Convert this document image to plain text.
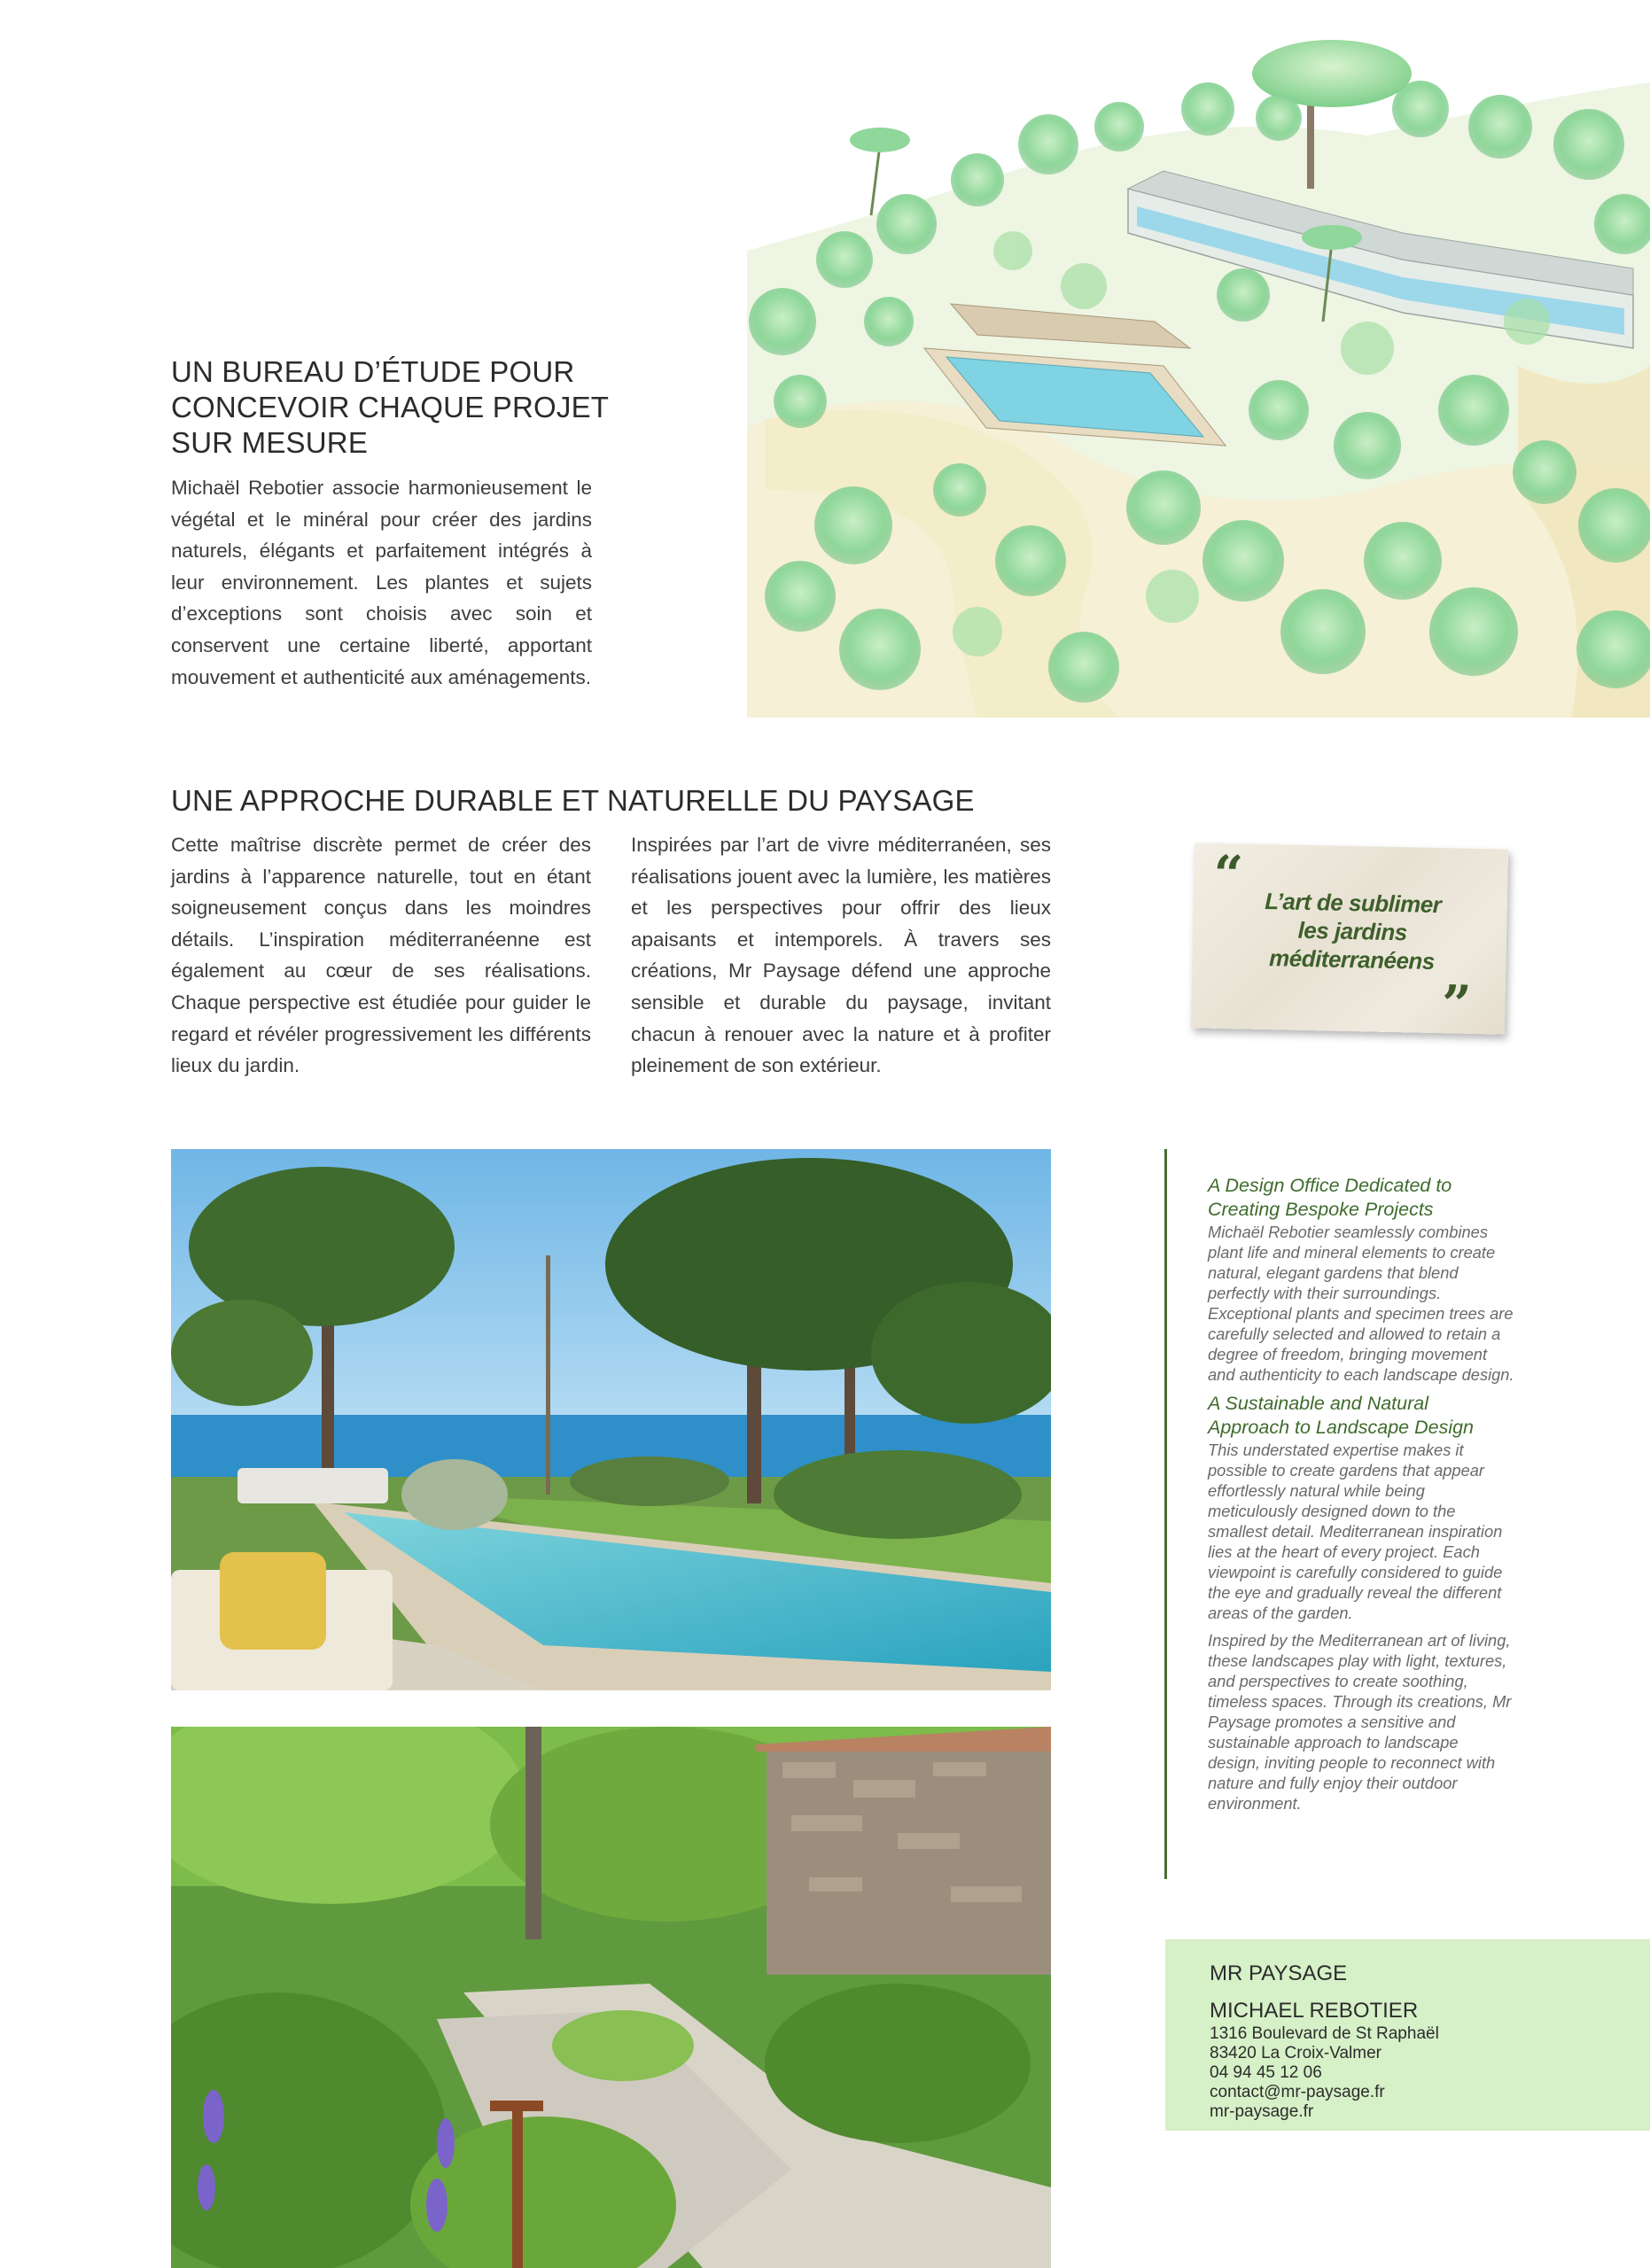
UN BUREAU D’ÉTUDE POUR CONCEVOIR CHAQUE PROJET SUR MESURE

Michaël Rebotier associe harmonieusement le végétal et le minéral pour créer des jardins naturels, élégants et parfaitement intégrés à leur environnement. Les plantes et sujets d’exceptions sont choisis avec soin et conservent une certaine liberté, apportant mouvement et authenticité aux aménagements.

UNE APPROCHE DURABLE ET NATURELLE DU PAYSAGE

Cette maîtrise discrète permet de créer des jardins à l’apparence naturelle, tout en étant soigneusement conçus dans les moindres détails. L’inspiration méditerranéenne est également au cœur de ses réalisations. Chaque perspective est étudiée pour guider le regard et révéler progressivement les différents lieux du jardin.

Inspirées par l’art de vivre méditerranéen, ses réalisations jouent avec la lumière, les matières et les perspectives pour offrir des lieux apaisants et intemporels. À travers ses créations, Mr Paysage défend une approche sensible et durable du paysage, invitant chacun à renouer avec la nature et à profiter pleinement de son extérieur.

“ L’art de sublimer les jardins méditerranéens
”

A Design Office Dedicated to Creating Bespoke Projects

Michaël Rebotier seamlessly combines plant life and mineral elements to create natural, elegant gardens that blend perfectly with their surroundings. Exceptional plants and specimen trees are carefully selected and allowed to retain a degree of freedom, bringing movement and authenticity to each landscape design.

A Sustainable and Natural Approach to Landscape Design

This understated expertise makes it possible to create gardens that appear effortlessly natural while being meticulously designed down to the smallest detail. Mediterranean inspiration lies at the heart of every project. Each viewpoint is carefully considered to guide the eye and gradually reveal the different areas of the garden.

Inspired by the Mediterranean art of living, these landscapes play with light, textures, and perspectives to create soothing, timeless spaces. Through its creations, Mr Paysage promotes a sensitive and sustainable approach to landscape design, inviting people to reconnect with nature and fully enjoy their outdoor environment.

MR PAYSAGE

MICHAEL REBOTIER

1316 Boulevard de St Raphaël

83420 La Croix-Valmer

04 94 45 12 06

contact@mr-paysage.fr

mr-paysage.fr
